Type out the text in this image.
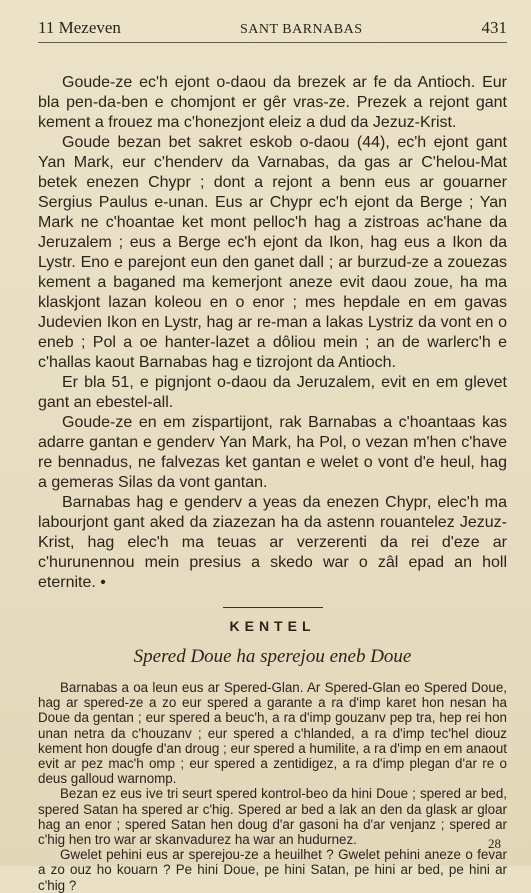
11 Mezeven	SANT BARNABAS	431

Goude-ze ec'h ejont o-daou da brezek ar fe da Antioch. Eur bla pen-da-ben e chomjont er gêr vras-ze. Prezek a rejont gant kement a frouez ma c'honezjont eleiz a dud da Jezuz-Krist.

Goude bezan bet sakret eskob o-daou (44), ec'h ejont gant Yan Mark, eur c'henderv da Varnabas, da gas ar C'helou-Mat betek enezen Chypr ; dont a rejont a benn eus ar gouarner Sergius Paulus e-unan. Eus ar Chypr ec'h ejont da Berge ; Yan Mark ne c'hoantae ket mont pelloc'h hag a zistroas ac'hane da Jeruzalem ; eus a Berge ec'h ejont da Ikon, hag eus a Ikon da Lystr. Eno e parejont eun den ganet dall ; ar burzud-ze a zouezas kement a baganed ma kemerjont aneze evit daou zoue, ha ma klaskjont lazan koleou en o enor ; mes hepdale en em gavas Judevien Ikon en Lystr, hag ar re-man a lakas Lystriz da vont en o eneb ; Pol a oe hanter-lazet a dôliou mein ; an de warlerc'h e c'hallas kaout Barnabas hag e tizrojont da Antioch.

Er bla 51, e pignjont o-daou da Jeruzalem, evit en em glevet gant an ebestel-all.

Goude-ze en em zispartijont, rak Barnabas a c'hoantaas kas adarre gantan e genderv Yan Mark, ha Pol, o vezan m'hen c'have re bennadus, ne falvezas ket gantan e welet o vont d'e heul, hag a gemeras Silas da vont gantan.

Barnabas hag e genderv a yeas da enezen Chypr, elec'h ma labourjont gant aked da ziazezan ha da astenn rouantelez Jezuz-Krist, hag elec'h ma teuas ar verzerenti da rei d'eze ar c'hurunennou mein presius a skedo war o zâl epad an holl eternite. •

KENTEL
Spered Doue ha sperejou eneb Doue

Barnabas a oa leun eus ar Spered-Glan. Ar Spered-Glan eo Spered Doue, hag ar spered-ze a zo eur spered a garante a ra d'imp karet hon nesan ha Doue da gentan ; eur spered a beuc'h, a ra d'imp gouzanv pep tra, hep rei hon unan netra da c'houzanv ; eur spered a c'hlanded, a ra d'imp tec'hel diouz kement hon dougfe d'an droug ; eur spered a humilite, a ra d'imp en em anaout evit ar pez mac'h omp ; eur spered a zentidigez, a ra d'imp plegan d'ar re o deus galloud warnomp.

Bezan ez eus ive tri seurt spered kontrol-beo da hini Doue ; spered ar bed, spered Satan ha spered ar c'hig. Spered ar bed a lak an den da glask ar gloar hag an enor ; spered Satan hen doug d'ar gasoni ha d'ar venjanz ; spered ar c'hig hen tro war ar skanvadurez ha war an hudurnez.

Gwelet pehini eus ar sperejou-ze a heuilhet ? Gwelet pehini aneze o fevar a zo ouz ho kouarn ? Pe hini Doue, pe hini Satan, pe hini ar bed, pe hini ar c'hig ?

28
